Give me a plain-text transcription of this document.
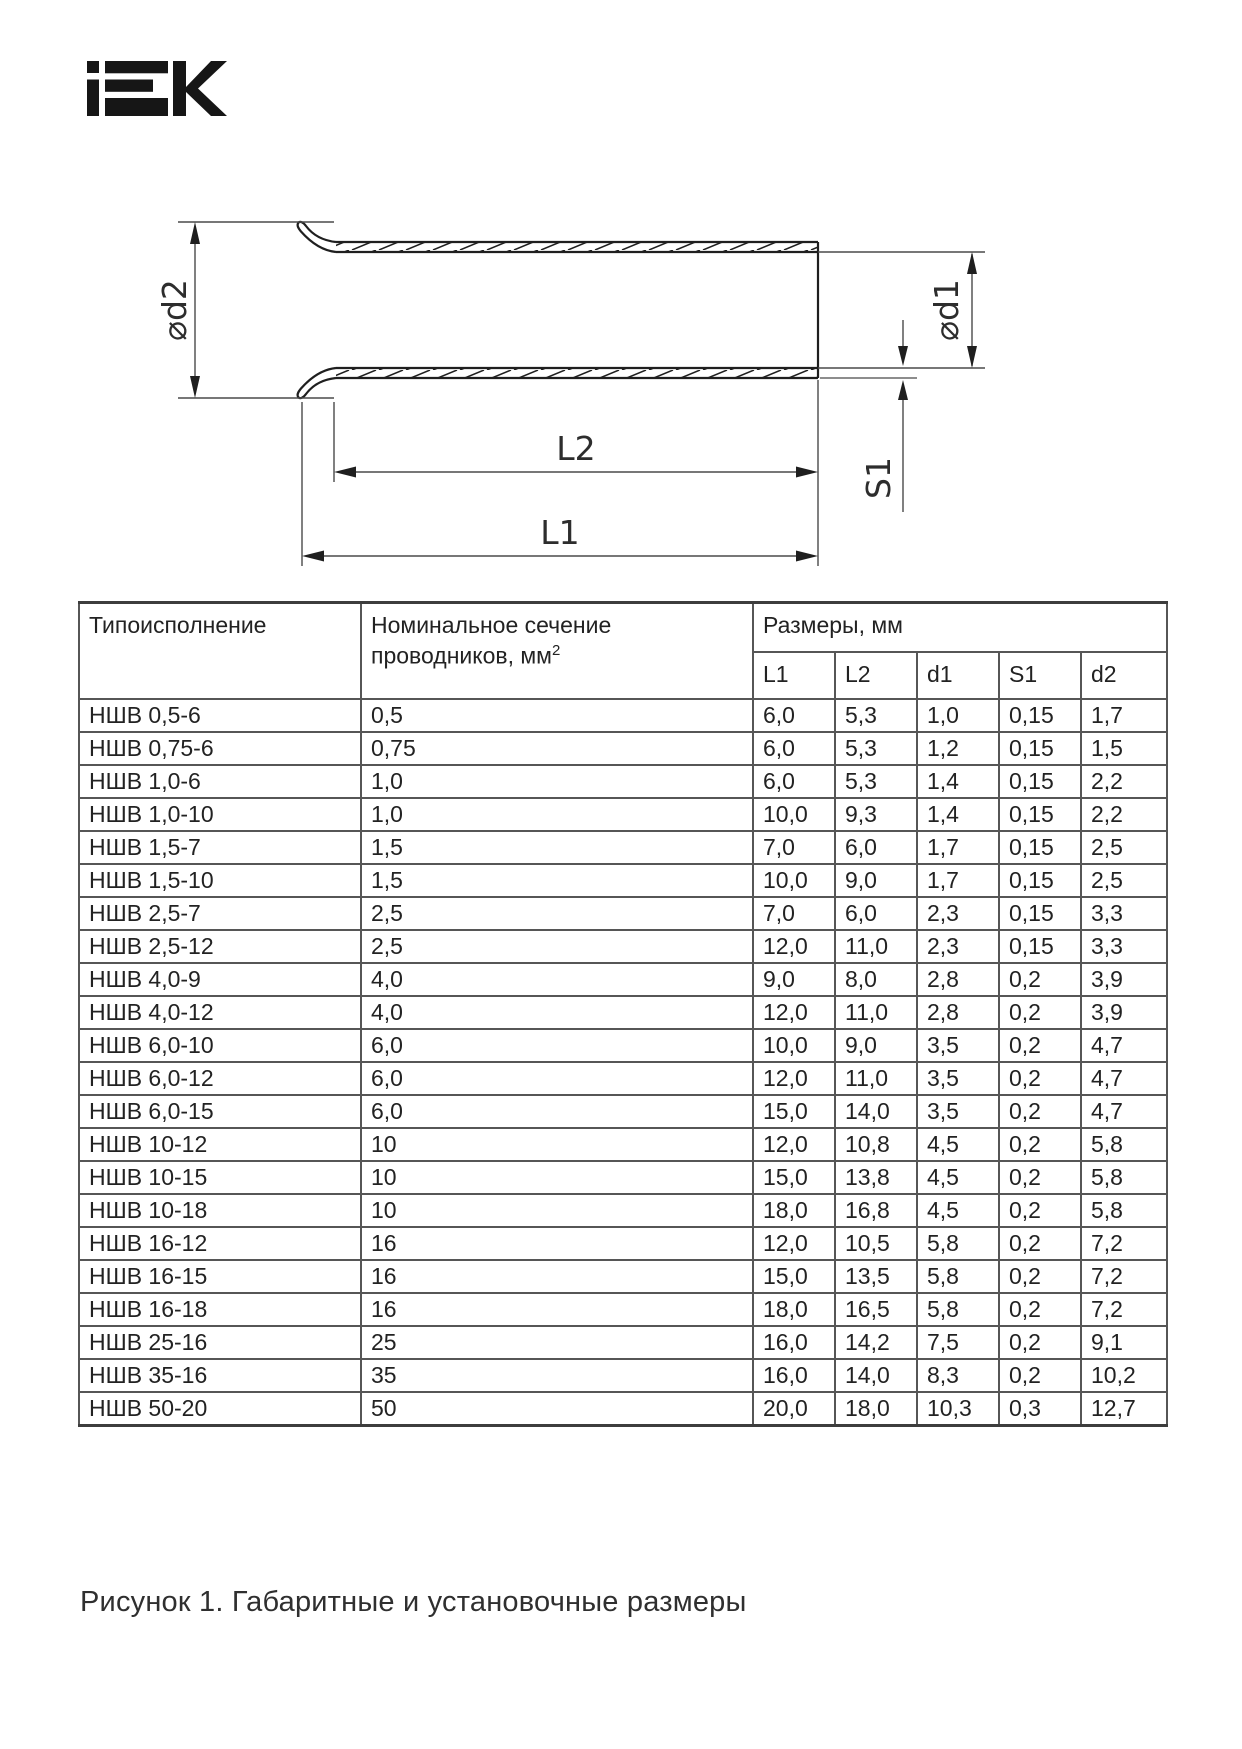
⌀d2	⌀d1
S1
L2
L1
Типоисполнение	Номинальное сечение проводников, $мм^2$	Размеры, мм				
		L1	L2	d1	S1	d2
НШВ 0,5-6	0,5	6,0	5,3	1,0	0,15	1,7
НШВ 0,75-6	0,75	6,0	5,3	1,2	0,15	1,5
НШВ 1,0-6	1,0	6,0	5,3	1,4	0,15	2,2
НШВ 1,0-10	1,0	10,0	9,3	1,4	0,15	2,2
НШВ 1,5-7	1,5	7,0	6,0	1,7	0,15	2,5
НШВ 1,5-10	1,5	10,0	9,0	1,7	0,15	2,5
НШВ 2,5-7	2,5	7,0	6,0	2,3	0,15	3,3
НШВ 2,5-12	2,5	12,0	11,0	2,3	0,15	3,3
НШВ 4,0-9	4,0	9,0	8,0	2,8	0,2	3,9
НШВ 4,0-12	4,0	12,0	11,0	2,8	0,2	3,9
НШВ 6,0-10	6,0	10,0	9,0	3,5	0,2	4,7
НШВ 6,0-12	6,0	12,0	11,0	3,5	0,2	4,7
НШВ 6,0-15	6,0	15,0	14,0	3,5	0,2	4,7
НШВ 10-12	10	12,0	10,8	4,5	0,2	5,8
НШВ 10-15	10	15,0	13,8	4,5	0,2	5,8
НШВ 10-18	10	18,0	16,8	4,5	0,2	5,8
НШВ 16-12	16	12,0	10,5	5,8	0,2	7,2
НШВ 16-15	16	15,0	13,5	5,8	0,2	7,2
НШВ 16-18	16	18,0	16,5	5,8	0,2	7,2
НШВ 25-16	25	16,0	14,2	7,5	0,2	9,1
НШВ 35-16	35	16,0	14,0	8,3	0,2	10,2
НШВ 50-20	50	20,0	18,0	10,3	0,3	12,7
Рисунок 1. Габаритные и установочные размеры
